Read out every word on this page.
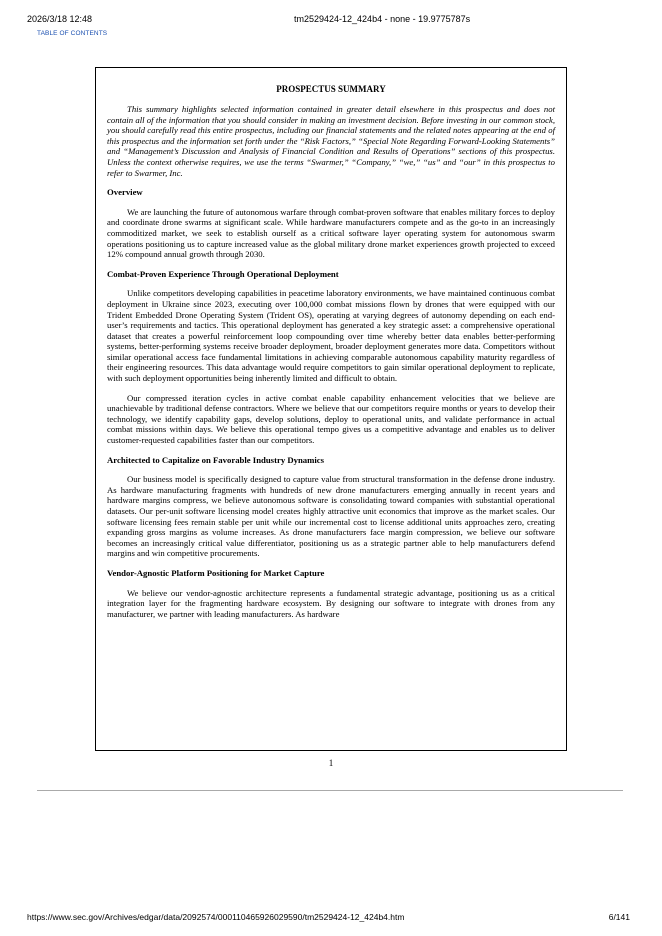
2026/3/18 12:48	tm2529424-12_424b4 - none - 19.9775787s
TABLE OF CONTENTS
PROSPECTUS SUMMARY

This summary highlights selected information contained in greater detail elsewhere in this prospectus and does not contain all of the information that you should consider in making an investment decision. Before investing in our common stock, you should carefully read this entire prospectus, including our financial statements and the related notes appearing at the end of this prospectus and the information set forth under the “Risk Factors,” “Special Note Regarding Forward-Looking Statements” and “Management’s Discussion and Analysis of Financial Condition and Results of Operations” sections of this prospectus. Unless the context otherwise requires, we use the terms “Swarmer,” “Company,” “we,” “us” and “our” in this prospectus to refer to Swarmer, Inc.

Overview

We are launching the future of autonomous warfare through combat-proven software that enables military forces to deploy and coordinate drone swarms at significant scale. While hardware manufacturers compete and as the go-to in an increasingly commoditized market, we seek to establish ourself as a critical software layer operating system for autonomous swarm operations positioning us to capture increased value as the global military drone market experiences growth projected to exceed 12% compound annual growth through 2030.

Combat-Proven Experience Through Operational Deployment

Unlike competitors developing capabilities in peacetime laboratory environments, we have maintained continuous combat deployment in Ukraine since 2023, executing over 100,000 combat missions flown by drones that were equipped with our Trident Embedded Drone Operating System (Trident OS), operating at varying degrees of autonomy depending on each end-user’s requirements and tactics. This operational deployment has generated a key strategic asset: a comprehensive operational dataset that creates a powerful reinforcement loop compounding over time whereby better data enables better-performing systems, better-performing systems receive broader deployment, broader deployment generates more data. Competitors without similar operational access face fundamental limitations in achieving comparable autonomous capability maturity regardless of their engineering resources. This data advantage would require competitors to gain similar operational deployment to replicate, with such deployment opportunities being inherently limited and difficult to obtain.

Our compressed iteration cycles in active combat enable capability enhancement velocities that we believe are unachievable by traditional defense contractors. Where we believe that our competitors require months or years to develop their technology, we identify capability gaps, develop solutions, deploy to operational units, and validate performance in actual combat missions within days. We believe this operational tempo gives us a competitive advantage and enables us to deliver customer-requested capabilities faster than our competitors.

Architected to Capitalize on Favorable Industry Dynamics

Our business model is specifically designed to capture value from structural transformation in the defense drone industry. As hardware manufacturing fragments with hundreds of new drone manufacturers emerging annually in recent years and hardware margins compress, we believe autonomous software is consolidating toward companies with substantial operational datasets. Our per-unit software licensing model creates highly attractive unit economics that improve as the market scales. Our software licensing fees remain stable per unit while our incremental cost to license additional units approaches zero, creating expanding gross margins as volume increases. As drone manufacturers face margin compression, we believe our software becomes an increasingly critical value differentiator, positioning us as a strategic partner able to help manufacturers defend margins and win competitive procurements.

Vendor-Agnostic Platform Positioning for Market Capture

We believe our vendor-agnostic architecture represents a fundamental strategic advantage, positioning us as a critical integration layer for the fragmenting hardware ecosystem. By designing our software to integrate with drones from any manufacturer, we partner with leading manufacturers. As hardware

1
https://www.sec.gov/Archives/edgar/data/2092574/000110465926029590/tm2529424-12_424b4.htm	6/141
